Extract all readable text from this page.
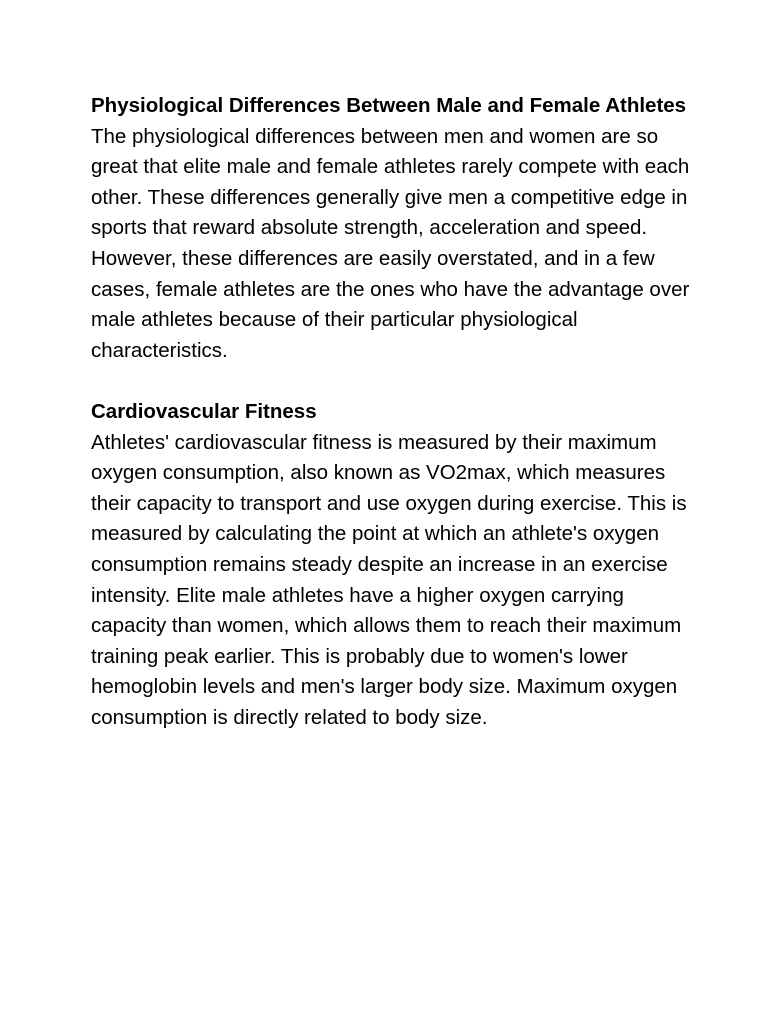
Physiological Differences Between Male and Female Athletes

The physiological differences between men and women are so great that elite male and female athletes rarely compete with each other. These differences generally give men a competitive edge in sports that reward absolute strength, acceleration and speed. However, these differences are easily overstated, and in a few cases, female athletes are the ones who have the advantage over male athletes because of their particular physiological characteristics.

Cardiovascular Fitness

Athletes' cardiovascular fitness is measured by their maximum oxygen consumption, also known as VO2max, which measures their capacity to transport and use oxygen during exercise. This is measured by calculating the point at which an athlete's oxygen consumption remains steady despite an increase in an exercise intensity. Elite male athletes have a higher oxygen carrying capacity than women, which allows them to reach their maximum training peak earlier. This is probably due to women's lower hemoglobin levels and men's larger body size. Maximum oxygen consumption is directly related to body size.
